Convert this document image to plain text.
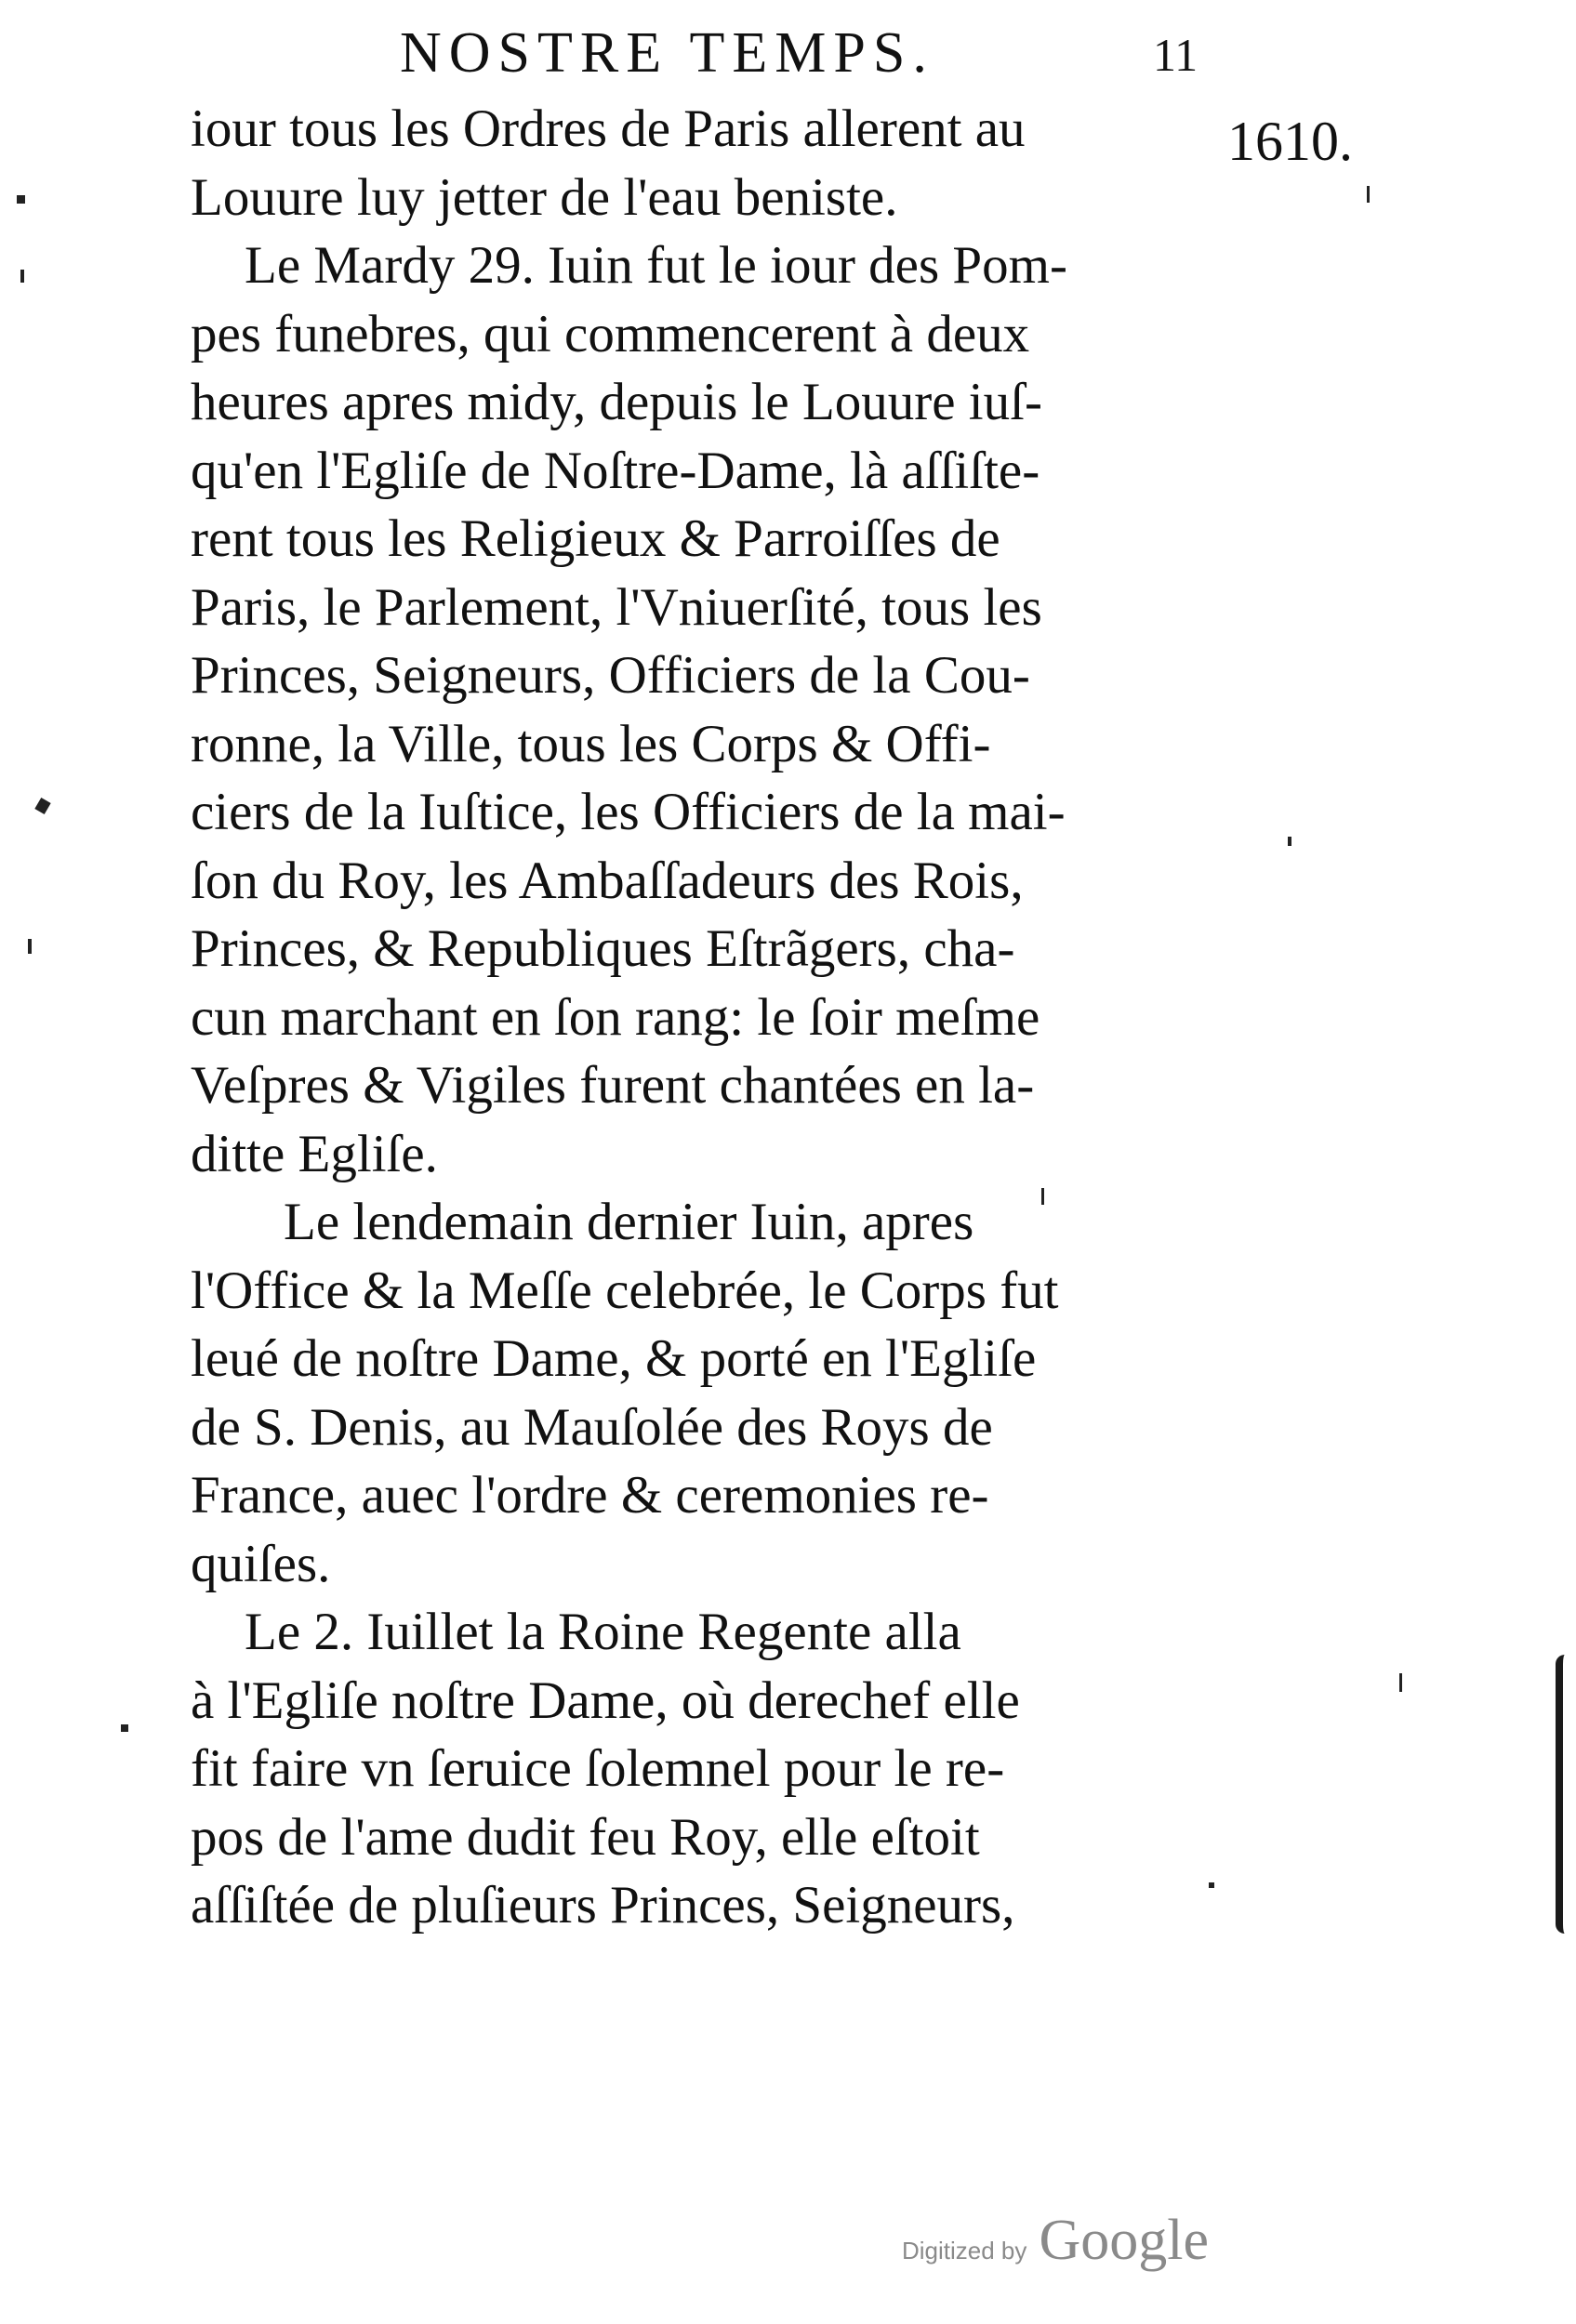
NOSTRE TEMPS.	11
1610.
iour tous les Ordres de Paris allerent au
Louure luy jetter de l'eau beniste.
Le Mardy 29. Iuin fut le iour des Pom-
pes funebres, qui commencerent à deux
heures apres midy, depuis le Louure iuſ-
qu'en l'Egliſe de Noſtre-Dame, là aſſiſte-
rent tous les Religieux & Parroiſſes de
Paris, le Parlement, l'Vniuerſité, tous les
Princes, Seigneurs, Officiers de la Cou-
ronne, la Ville, tous les Corps & Offi-
ciers de la Iuſtice, les Officiers de la mai-
ſon du Roy, les Ambaſſadeurs des Rois,
Princes, & Republiques Eſtrãgers, cha-
cun marchant en ſon rang: le ſoir meſme
Veſpres & Vigiles furent chantées en la-
ditte Egliſe.
Le lendemain dernier Iuin, apres
l'Office & la Meſſe celebrée, le Corps fut
leué de noſtre Dame, & porté en l'Egliſe
de S. Denis, au Mauſolée des Roys de
France, auec l'ordre & ceremonies re-
quiſes.
Le 2. Iuillet la Roine Regente alla
à l'Egliſe noſtre Dame, où derechef elle
fit faire vn ſeruice ſolemnel pour le re-
pos de l'ame dudit feu Roy, elle eſtoit
aſſiſtée de pluſieurs Princes, Seigneurs,
Digitized by Google
